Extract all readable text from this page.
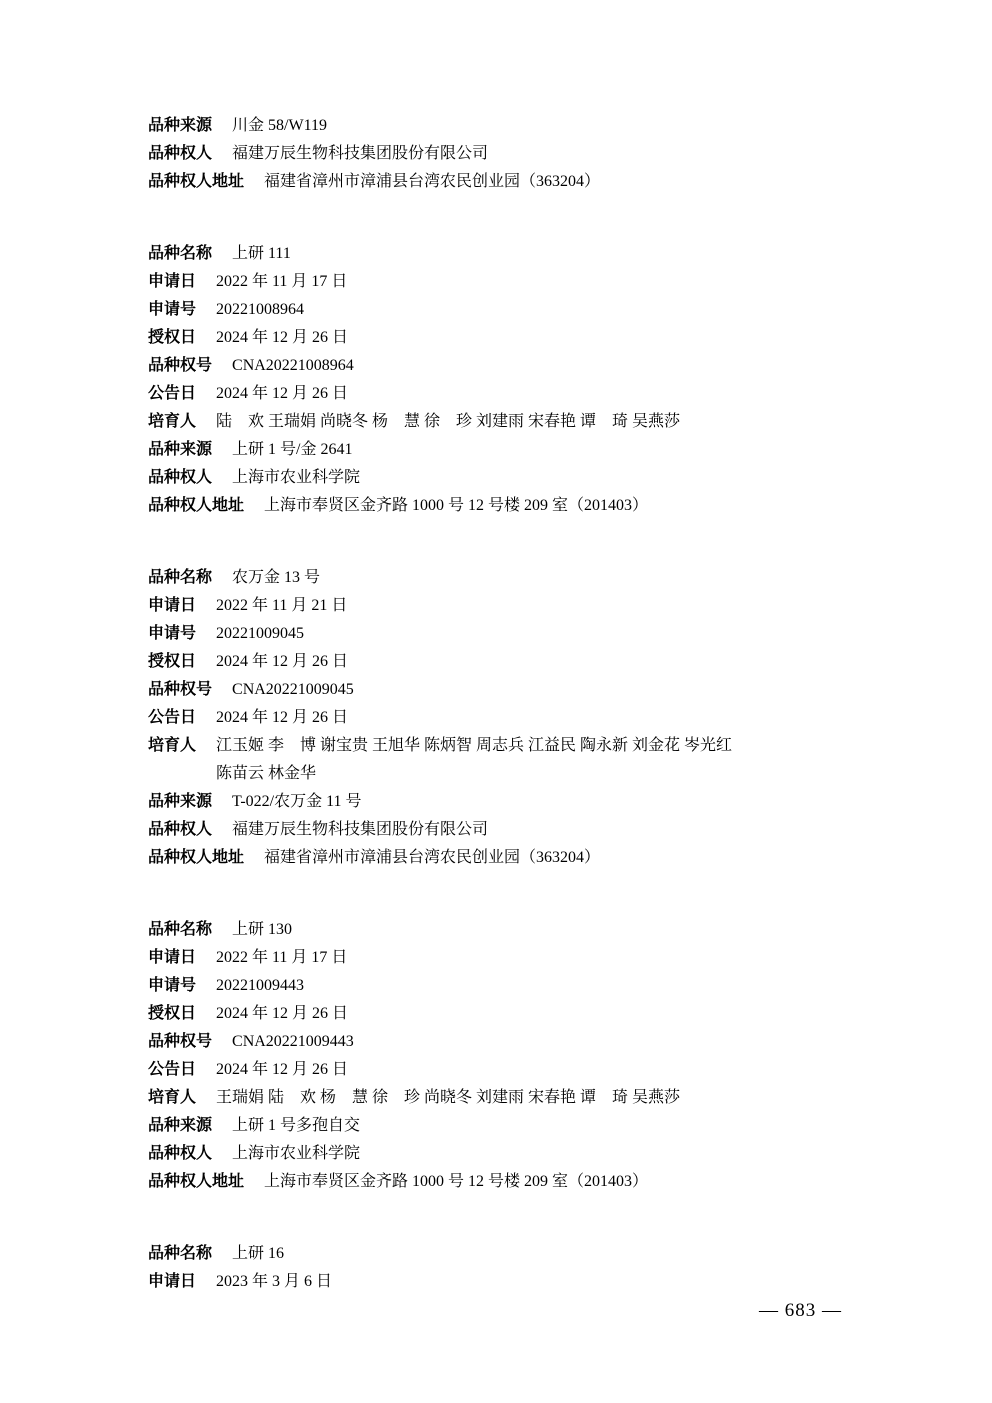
品种来源 川金 58/W119
品种权人 福建万辰生物科技集团股份有限公司
品种权人地址 福建省漳州市漳浦县台湾农民创业园（363204）
品种名称 上研 111
申请日 2022 年 11 月 17 日
申请号 20221008964
授权日 2024 年 12 月 26 日
品种权号 CNA20221008964
公告日 2024 年 12 月 26 日
培育人 陆　欢 王瑞娟 尚晓冬 杨　慧 徐　珍 刘建雨 宋春艳 谭　琦 吴燕莎
品种来源 上研 1 号/金 2641
品种权人 上海市农业科学院
品种权人地址 上海市奉贤区金齐路 1000 号 12 号楼 209 室（201403）
品种名称 农万金 13 号
申请日 2022 年 11 月 21 日
申请号 20221009045
授权日 2024 年 12 月 26 日
品种权号 CNA20221009045
公告日 2024 年 12 月 26 日
培育人 江玉姬 李　博 谢宝贵 王旭华 陈炳智 周志兵 江益民 陶永新 刘金花 岑光红
陈苗云 林金华
品种来源 T-022/农万金 11 号
品种权人 福建万辰生物科技集团股份有限公司
品种权人地址 福建省漳州市漳浦县台湾农民创业园（363204）
品种名称 上研 130
申请日 2022 年 11 月 17 日
申请号 20221009443
授权日 2024 年 12 月 26 日
品种权号 CNA20221009443
公告日 2024 年 12 月 26 日
培育人 王瑞娟 陆　欢 杨　慧 徐　珍 尚晓冬 刘建雨 宋春艳 谭　琦 吴燕莎
品种来源 上研 1 号多孢自交
品种权人 上海市农业科学院
品种权人地址 上海市奉贤区金齐路 1000 号 12 号楼 209 室（201403）
品种名称 上研 16
申请日 2023 年 3 月 6 日
— 683 —
